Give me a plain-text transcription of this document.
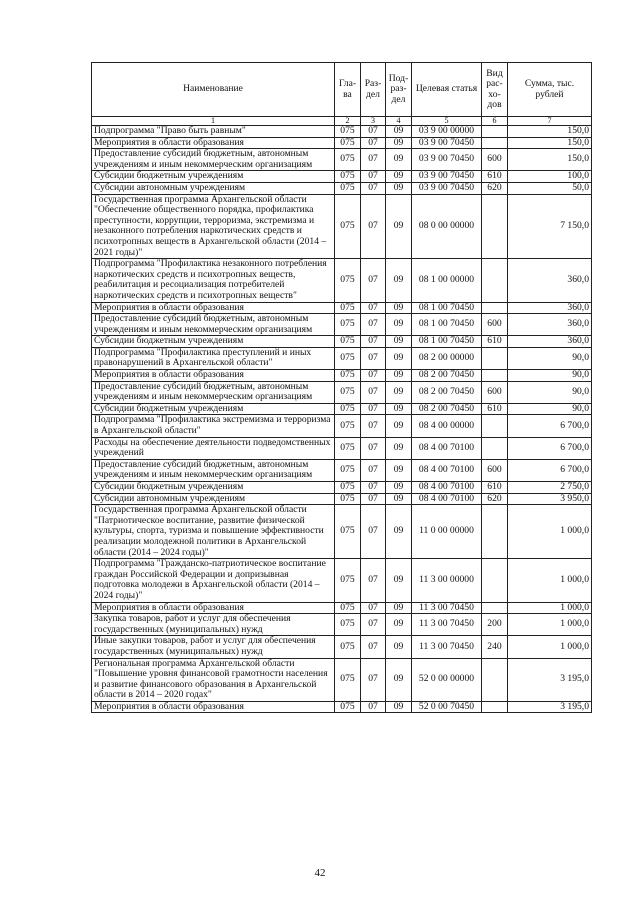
Наименование	Гла-ва	Раз-дел	Под-раз-дел	Целевая статья	Вид рас-хо-дов	Сумма, тыс. рублей
1	2	3	4	5	6	7
Подпрограмма "Право быть равным"	075	07	09	03 9 00 00000		150,0
Мероприятия в области образования	075	07	09	03 9 00 70450		150,0
Предоставление субсидий бюджетным, автономным учреждениям и иным некоммерческим организациям	075	07	09	03 9 00 70450	600	150,0
Субсидии бюджетным учреждениям	075	07	09	03 9 00 70450	610	100,0
Субсидии автономным учреждениям	075	07	09	03 9 00 70450	620	50,0
Государственная программа Архангельской области "Обеспечение общественного порядка, профилактика преступности, коррупции, терроризма, экстремизма и незаконного потребления наркотических средств и психотропных веществ в Архангельской области (2014 – 2021 годы)"	075	07	09	08 0 00 00000		7 150,0
Подпрограмма "Профилактика незаконного потребления наркотических средств и психотропных веществ, реабилитация и ресоциализация потребителей наркотических средств и психотропных веществ"	075	07	09	08 1 00 00000		360,0
Мероприятия в области образования	075	07	09	08 1 00 70450		360,0
Предоставление субсидий бюджетным, автономным учреждениям и иным некоммерческим организациям	075	07	09	08 1 00 70450	600	360,0
Субсидии бюджетным учреждениям	075	07	09	08 1 00 70450	610	360,0
Подпрограмма "Профилактика преступлений и иных правонарушений в Архангельской области"	075	07	09	08 2 00 00000		90,0
Мероприятия в области образования	075	07	09	08 2 00 70450		90,0
Предоставление субсидий бюджетным, автономным учреждениям и иным некоммерческим организациям	075	07	09	08 2 00 70450	600	90,0
Субсидии бюджетным учреждениям	075	07	09	08 2 00 70450	610	90,0
Подпрограмма "Профилактика экстремизма и терроризма в Архангельской области"	075	07	09	08 4 00 00000		6 700,0
Расходы на обеспечение деятельности подведомственных учреждений	075	07	09	08 4 00 70100		6 700,0
Предоставление субсидий бюджетным, автономным учреждениям и иным некоммерческим организациям	075	07	09	08 4 00 70100	600	6 700,0
Субсидии бюджетным учреждениям	075	07	09	08 4 00 70100	610	2 750,0
Субсидии автономным учреждениям	075	07	09	08 4 00 70100	620	3 950,0
Государственная программа Архангельской области "Патриотическое воспитание, развитие физической культуры, спорта, туризма и повышение эффективности реализации молодежной политики в Архангельской области (2014 – 2024 годы)"	075	07	09	11 0 00 00000		1 000,0
Подпрограмма "Гражданско-патриотическое воспитание граждан Российской Федерации и допризывная подготовка молодежи в Архангельской области (2014 – 2024 годы)"	075	07	09	11 3 00 00000		1 000,0
Мероприятия в области образования	075	07	09	11 3 00 70450		1 000,0
Закупка товаров, работ и услуг для обеспечения государственных (муниципальных) нужд	075	07	09	11 3 00 70450	200	1 000,0
Иные закупки товаров, работ и услуг для обеспечения государственных (муниципальных) нужд	075	07	09	11 3 00 70450	240	1 000,0
Региональная программа Архангельской области "Повышение уровня финансовой грамотности населения и развитие финансового образования в Архангельской области в 2014 – 2020 годах"	075	07	09	52 0 00 00000		3 195,0
Мероприятия в области образования	075	07	09	52 0 00 70450		3 195,0
42
